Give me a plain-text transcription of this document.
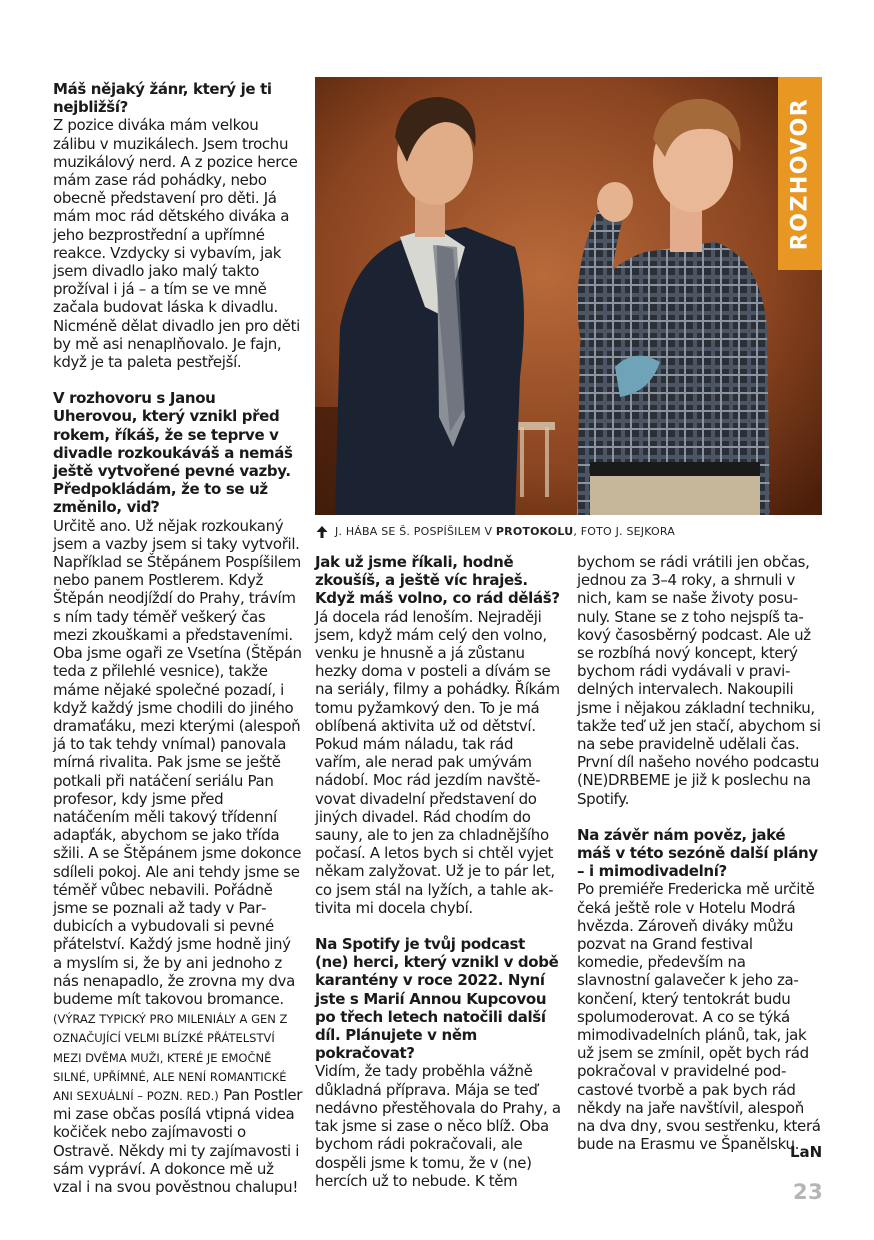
Máš nějaký žánr, který je ti nejbližší?

Z pozice diváka mám velkou zálibu v muzikálech. Jsem trochu muzikálový nerd. A z pozice herce mám zase rád pohádky, nebo obecně představení pro děti. Já mám moc rád dětského diváka a jeho bezprostřední a upřímné reakce. Vzdycky si vybavím, jak jsem divadlo jako malý takto prožíval i já – a tím se ve mně začala budovat láska k divadlu. Nicméně dělat divadlo jen pro děti by mě asi nenaplňovalo. Je fajn, když je ta paleta pestřejší.

V rozhovoru s Janou Uherovou, který vznikl před rokem, říkáš, že se teprve v divadle rozkoukáváš a nemáš ještě vytvořené pevné vazby. Předpokládám, že to se už změnilo, viď?

Určitě ano. Už nějak rozkoukaný jsem a vazby jsem si taky vytvořil. Například se Štěpánem Pospíšilem nebo panem Postlerem. Když Štěpán neodjíždí do Prahy, trávím s ním tady téměř veškerý čas mezi zkouškami a představeními. Oba jsme ogaři ze Vsetína (Štěpán teda z přilehlé vesnice), takže máme nějaké společné pozadí, i když každý jsme chodili do jiného dramaťáku, mezi kterými (alespoň já to tak tehdy vnímal) panovala mírná rivalita. Pak jsme se ještě potkali při natáčení seriálu Pan profesor, kdy jsme před natáčením měli takový třídenní adapťák, abychom se jako třída sžili. A se Štěpánem jsme dokonce sdíleli pokoj. Ale ani tehdy jsme se téměř vůbec nebavili. Pořádně jsme se poznali až tady v Pardubicích a vybudovali si pevné přátelství. Každý jsme hodně jiný a myslím si, že by ani jednoho z nás nenapadlo, že zrovna my dva budeme mít takovou bromance. (VÝRAZ TYPICKÝ PRO MILENIÁLY A GEN Z OZNAČUJÍCÍ VELMI BLÍZKÉ PŘÁTELSTVÍ MEZI DVĚMA MUŽI, KTERÉ JE EMOČNĚ SILNÉ, UPŘÍMNÉ, ALE NENÍ ROMANTICKÉ ANI SEXUÁLNÍ – POZN. RED.) Pan Postler mi zase občas posílá vtipná videa kočiček nebo zajímavosti o Ostravě. Někdy mi ty zajímavosti i sám vypráví. A dokonce mě už vzal i na svou pověstnou chalupu!

ROZHOVOR
J. HÁBA SE Š. POSPÍŠILEM V PROTOKOLU, FOTO J. SEJKORA

Jak už jsme říkali, hodně zkoušíš, a ještě víc hraješ. Když máš volno, co rád děláš?

Já docela rád lenoším. Nejraději jsem, když mám celý den volno, venku je hnusně a já zůstanu hezky doma v posteli a dívám se na seriály, filmy a pohádky. Říkám tomu pyžamkový den. To je má oblíbená aktivita už od dětství. Pokud mám náladu, tak rád vařím, ale nerad pak umývám nádobí. Moc rád jezdím navštěvovat divadelní představení do jiných divadel. Rád chodím do sauny, ale to jen za chladnějšího počasí. A letos bych si chtěl vyjet někam zalyžovat. Už je to pár let, co jsem stál na lyžích, a tahle aktivita mi docela chybí.

Na Spotify je tvůj podcast (ne) herci, který vznikl v době karantény v roce 2022. Nyní jste s Marií Annou Kupcovou po třech letech natočili další díl. Plánujete v něm pokračovat?

Vidím, že tady proběhla vážně důkladná příprava. Mája se teď nedávno přestěhovala do Prahy, a tak jsme si zase o něco blíž. Oba bychom rádi pokračovali, ale dospěli jsme k tomu, že v (ne) hercích už to nebude. K těm

bychom se rádi vrátili jen občas, jednou za 3–4 roky, a shrnuli v nich, kam se naše životy posunuly. Stane se z toho nejspíš takový časosběrný podcast. Ale už se rozbíhá nový koncept, který bychom rádi vydávali v pravidelných intervalech. Nakoupili jsme i nějakou základní techniku, takže teď už jen stačí, abychom si na sebe pravidelně udělali čas. První díl našeho nového podcastu (NE)DRBEME je již k poslechu na Spotify.

Na závěr nám pověz, jaké máš v této sezóně další plány – i mimodivadelní?

Po premiéře Fredericka mě určitě čeká ještě role v Hotelu Modrá hvězda. Zároveň diváky můžu pozvat na Grand festival komedie, především na slavnostní galavečer k jeho zakončení, který tentokrát budu spolumoderovat. A co se týká mimodivadelních plánů, tak, jak už jsem se zmínil, opět bych rád pokračoval v pravidelné podcastové tvorbě a pak bych rád někdy na jaře navštívil, alespoň na dva dny, svou sestřenku, která bude na Erasmu ve Španělsku.

LaN
23
